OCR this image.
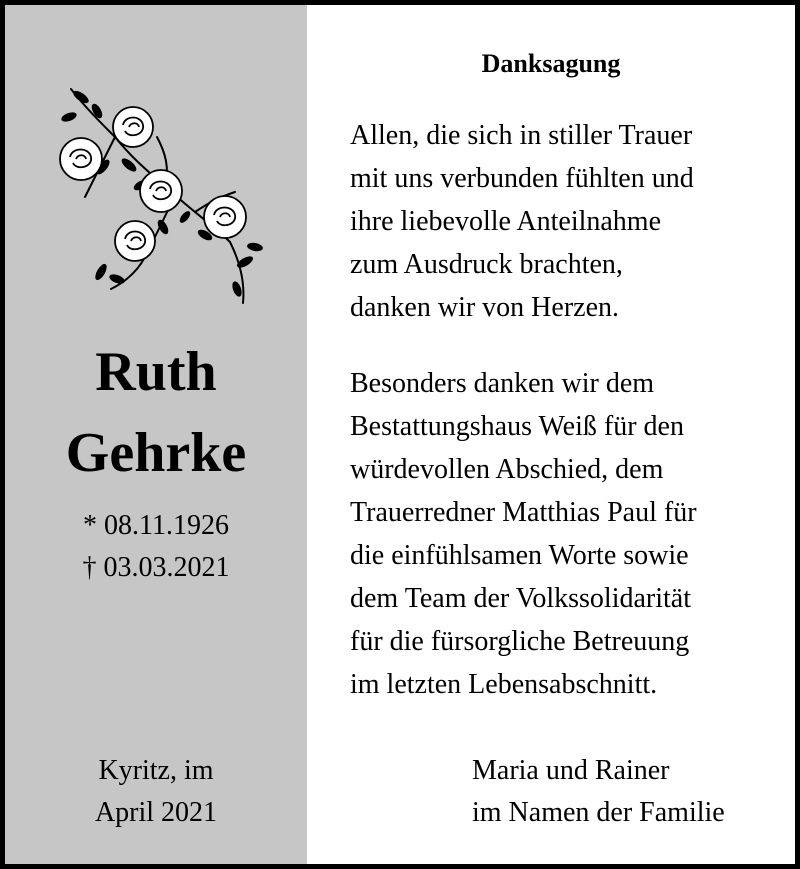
Ruth
Gehrke
* 08.11.1926
† 03.03.2021
Kyritz, im
April 2021
Danksagung
Allen, die sich in stiller Trauer
mit uns verbunden fühlten und
ihre liebevolle Anteilnahme
zum Ausdruck brachten,
danken wir von Herzen.
Besonders danken wir dem
Bestattungshaus Weiß für den
würdevollen Abschied, dem
Trauerredner Matthias Paul für
die einfühlsamen Worte sowie
dem Team der Volkssolidarität
für die fürsorgliche Betreuung
im letzten Lebensabschnitt.
Maria und Rainer
im Namen der Familie
